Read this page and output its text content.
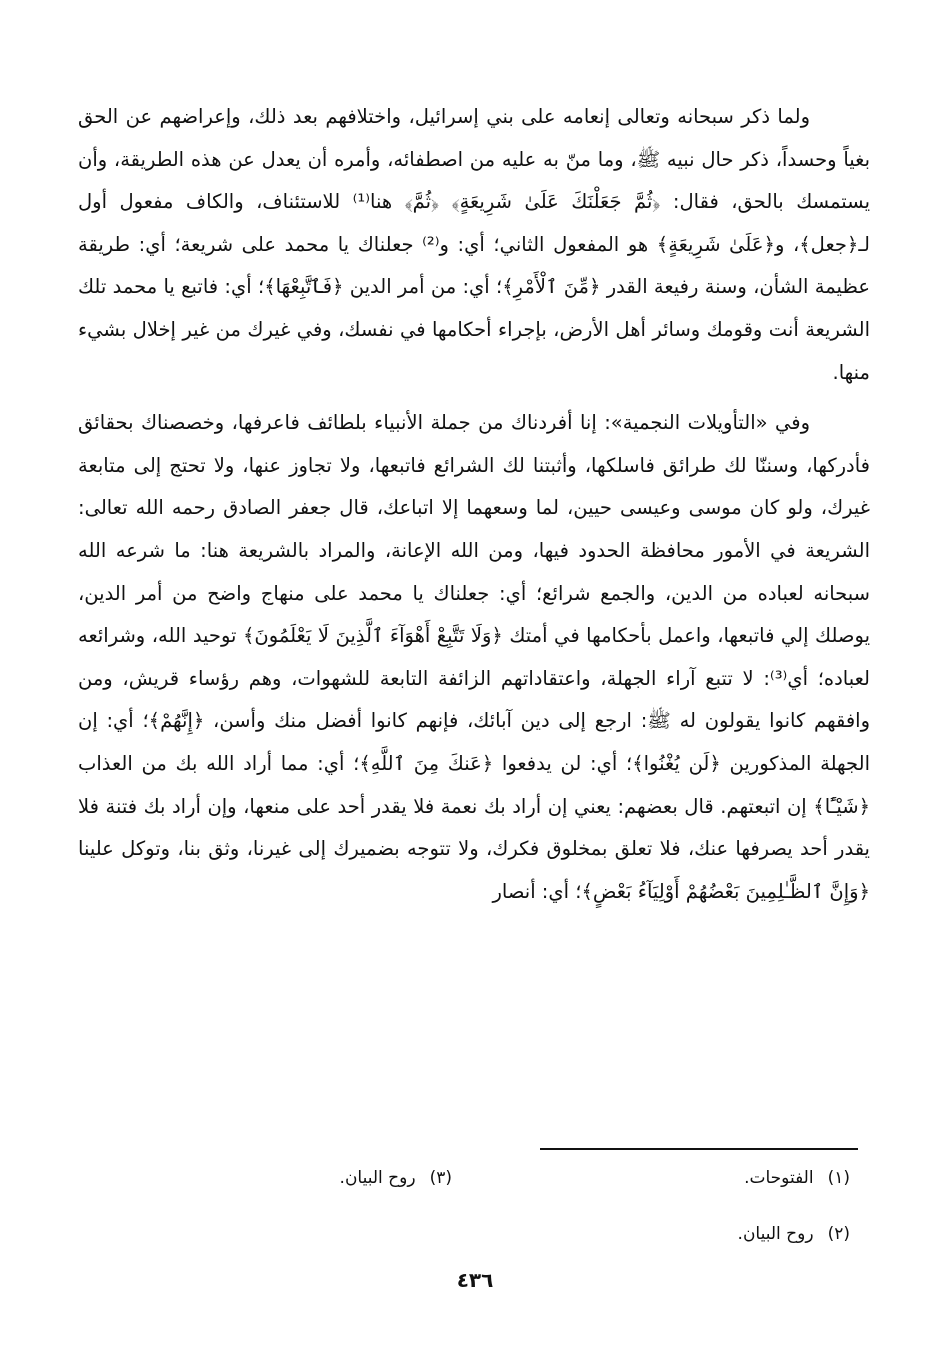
ولما ذكر سبحانه وتعالى إنعامه على بني إسرائيل، واختلافهم بعد ذلك، وإعراضهم عن الحق بغياً وحسداً، ذكر حال نبيه ﷺ، وما منّ به عليه من اصطفائه، وأمره أن يعدل عن هذه الطريقة، وأن يستمسك بالحق، فقال: ﴿ثُمَّ جَعَلْنَكَ عَلَىٰ شَرِيعَةٍ﴾ ﴿ثُمَّ﴾ هنا⁽¹⁾ للاستئناف، والكاف مفعول أول لـ﴿جعل﴾، و﴿عَلَىٰ شَرِيعَةٍ﴾ هو المفعول الثاني؛ أي: و⁽²⁾ جعلناك يا محمد على شريعة؛ أي: طريقة عظيمة الشأن، وسنة رفيعة القدر ﴿مِّنَ ٱلْأَمْرِ﴾؛ أي: من أمر الدين ﴿فَٱتَّبِعْهَا﴾؛ أي: فاتبع يا محمد تلك الشريعة أنت وقومك وسائر أهل الأرض، بإجراء أحكامها في نفسك، وفي غيرك من غير إخلال بشيء منها.

وفي «التأويلات النجمية»: إنا أفردناك من جملة الأنبياء بلطائف فاعرفها، وخصصناك بحقائق فأدركها، وسننّا لك طرائق فاسلكها، وأثبتنا لك الشرائع فاتبعها، ولا تجاوز عنها، ولا تحتج إلى متابعة غيرك، ولو كان موسى وعيسى حيين، لما وسعهما إلا اتباعك، قال جعفر الصادق رحمه الله تعالى: الشريعة في الأمور محافظة الحدود فيها، ومن الله الإعانة، والمراد بالشريعة هنا: ما شرعه الله سبحانه لعباده من الدين، والجمع شرائع؛ أي: جعلناك يا محمد على منهاج واضح من أمر الدين، يوصلك إلي فاتبعها، واعمل بأحكامها في أمتك ﴿وَلَا تَتَّبِعْ أَهْوَآءَ ٱلَّذِينَ لَا يَعْلَمُونَ﴾ توحيد الله، وشرائعه لعباده؛ أي⁽³⁾: لا تتبع آراء الجهلة، واعتقاداتهم الزائفة التابعة للشهوات، وهم رؤساء قريش، ومن وافقهم كانوا يقولون له ﷺ: ارجع إلى دين آبائك، فإنهم كانوا أفضل منك وأسن، ﴿إِنَّهُمْ﴾؛ أي: إن الجهلة المذكورين ﴿لَن يُغْنُوا﴾؛ أي: لن يدفعوا ﴿عَنكَ مِنَ ٱللَّهِ﴾؛ أي: مما أراد الله بك من العذاب ﴿شَيْـًٔا﴾ إن اتبعتهم. قال بعضهم: يعني إن أراد بك نعمة فلا يقدر أحد على منعها، وإن أراد بك فتنة فلا يقدر أحد يصرفها عنك، فلا تعلق بمخلوق فكرك، ولا تتوجه بضميرك إلى غيرنا، وثق بنا، وتوكل علينا ﴿وَإِنَّ ٱلظَّـٰلِمِينَ بَعْضُهُمْ أَوْلِيَآءُ بَعْضٍ﴾؛ أي: أنصار

(١)الفتوحات.
(٣)روح البيان.
(٢)روح البيان.
٤٣٦
